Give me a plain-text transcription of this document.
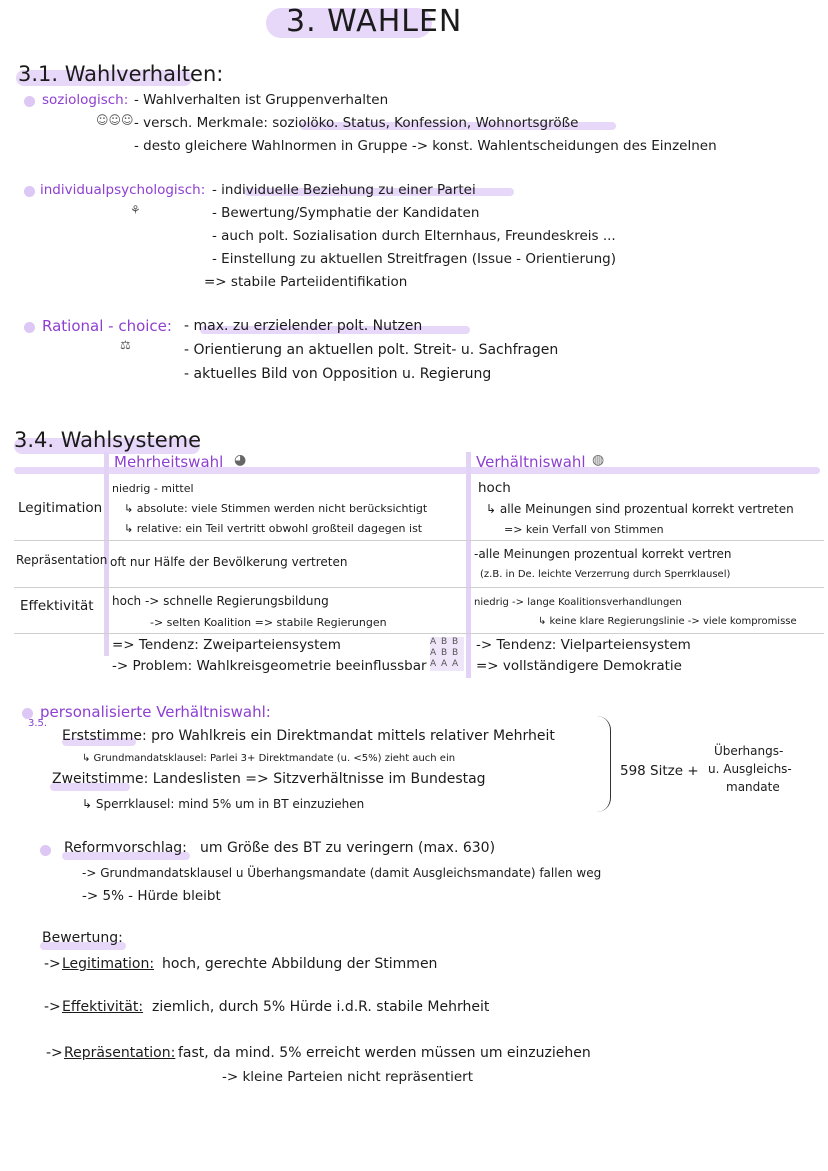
3. WAHLEN
3.1. Wahlverhalten:
soziologisch:
☺☺☺
- Wahlverhalten ist Gruppenverhalten
- versch. Merkmale: soziolöko. Status, Konfession, Wohnortsgröße
- desto gleichere Wahlnormen in Gruppe -> konst. Wahlentscheidungen des Einzelnen
individualpsychologisch:
⚘
- individuelle Beziehung zu einer Partei
- Bewertung/Symphatie der Kandidaten
- auch polt. Sozialisation durch Elternhaus, Freundeskreis ...
- Einstellung zu aktuellen Streitfragen (Issue - Orientierung)
=> stabile Parteiidentifikation
Rational - choice:
⚖
- max. zu erzielender polt. Nutzen
- Orientierung an aktuellen polt. Streit- u. Sachfragen
- aktuelles Bild von Opposition u. Regierung
3.4. Wahlsysteme
Mehrheitswahl ◕	Verhältniswahl ◍
Legitimation
niedrig - mittel
↳ absolute: viele Stimmen werden nicht berücksichtigt
↳ relative: ein Teil vertritt obwohl großteil dagegen ist
hoch
↳ alle Meinungen sind prozentual korrekt vertreten
=> kein Verfall von Stimmen
Repräsentation oft nur Hälfe der Bevölkerung vertreten
-alle Meinungen prozentual korrekt vertren
(z.B. in De. leichte Verzerrung durch Sperrklausel)
Effektivität hoch -> schnelle Regierungsbildung
-> selten Koalition => stabile Regierungen
niedrig -> lange Koalitionsverhandlungen
↳ keine klare Regierungslinie -> viele kompromisse
=> Tendenz: Zweiparteiensystem
-> Problem: Wahlkreisgeometrie beeinflussbar
A B B
A B B
A A A
-> Tendenz: Vielparteiensystem
=> vollständigere Demokratie
3.5.
personalisierte Verhältniswahl:
Erststimme: pro Wahlkreis ein Direktmandat mittels relativer Mehrheit
↳ Grundmandatsklausel: Parlei 3+ Direktmandate (u. <5%) zieht auch ein
Zweitstimme: Landeslisten => Sitzverhältnisse im Bundestag
↳ Sperrklausel: mind 5% um in BT einzuziehen
598 Sitze +
Überhangs-
u. Ausgleichs-
mandate
Reformvorschlag: um Größe des BT zu veringern (max. 630)
-> Grundmandatsklausel u Überhangsmandate (damit Ausgleichsmandate) fallen weg
-> 5% - Hürde bleibt
Bewertung:
-> Legitimation: hoch, gerechte Abbildung der Stimmen
-> Effektivität: ziemlich, durch 5% Hürde i.d.R. stabile Mehrheit
-> Repräsentation: fast, da mind. 5% erreicht werden müssen um einzuziehen
-> kleine Parteien nicht repräsentiert
